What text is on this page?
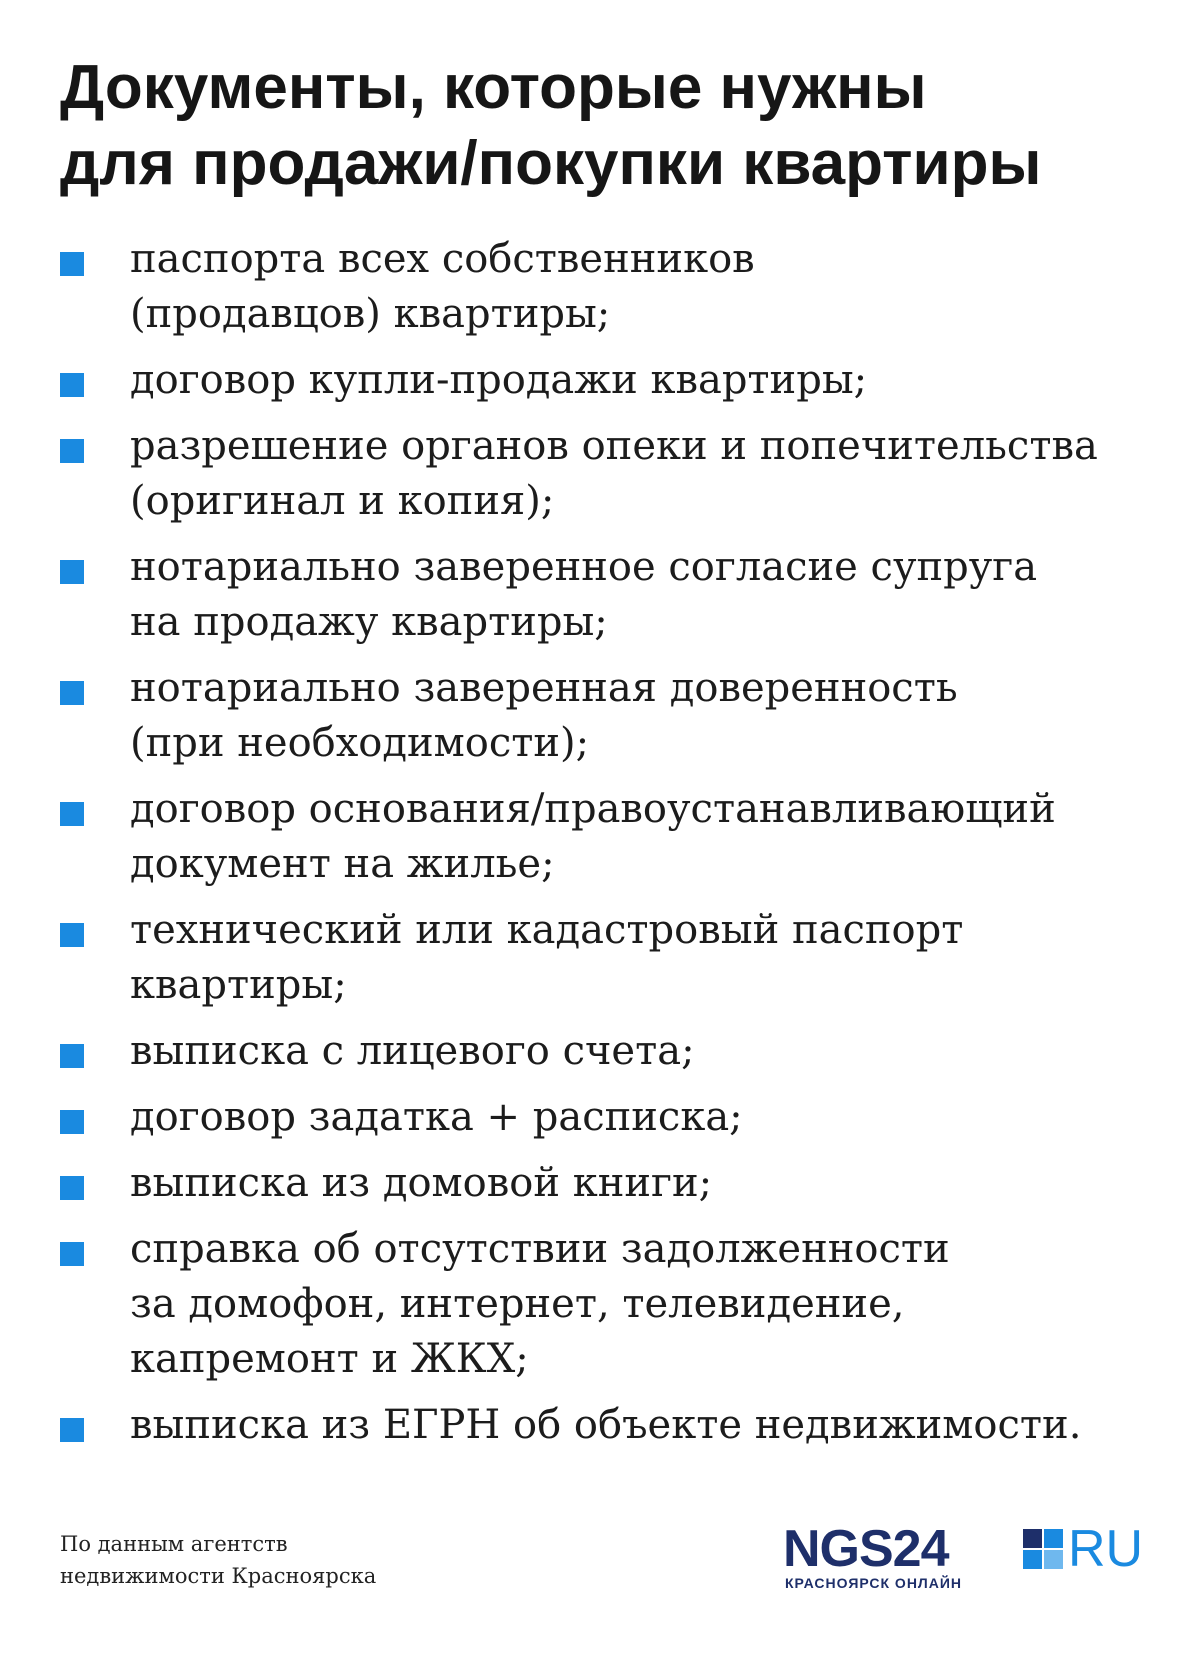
Документы, которые нужны
для продажи/покупки квартиры
паспорта всех собственников
(продавцов) квартиры;
договор купли-продажи квартиры;
разрешение органов опеки и попечительства
(оригинал и копия);
нотариально заверенное согласие супруга
на продажу квартиры;
нотариально заверенная доверенность
(при необходимости);
договор основания/правоустанавливающий
документ на жилье;
технический или кадастровый паспорт
квартиры;
выписка с лицевого счета;
договор задатка + расписка;
выписка из домовой книги;
справка об отсутствии задолженности
за домофон, интернет, телевидение,
капремонт и ЖКХ;
выписка из ЕГРН об объекте недвижимости.
По данным агентств
недвижимости Красноярска	NGS24 RU
КРАСНОЯРСК ОНЛАЙН
